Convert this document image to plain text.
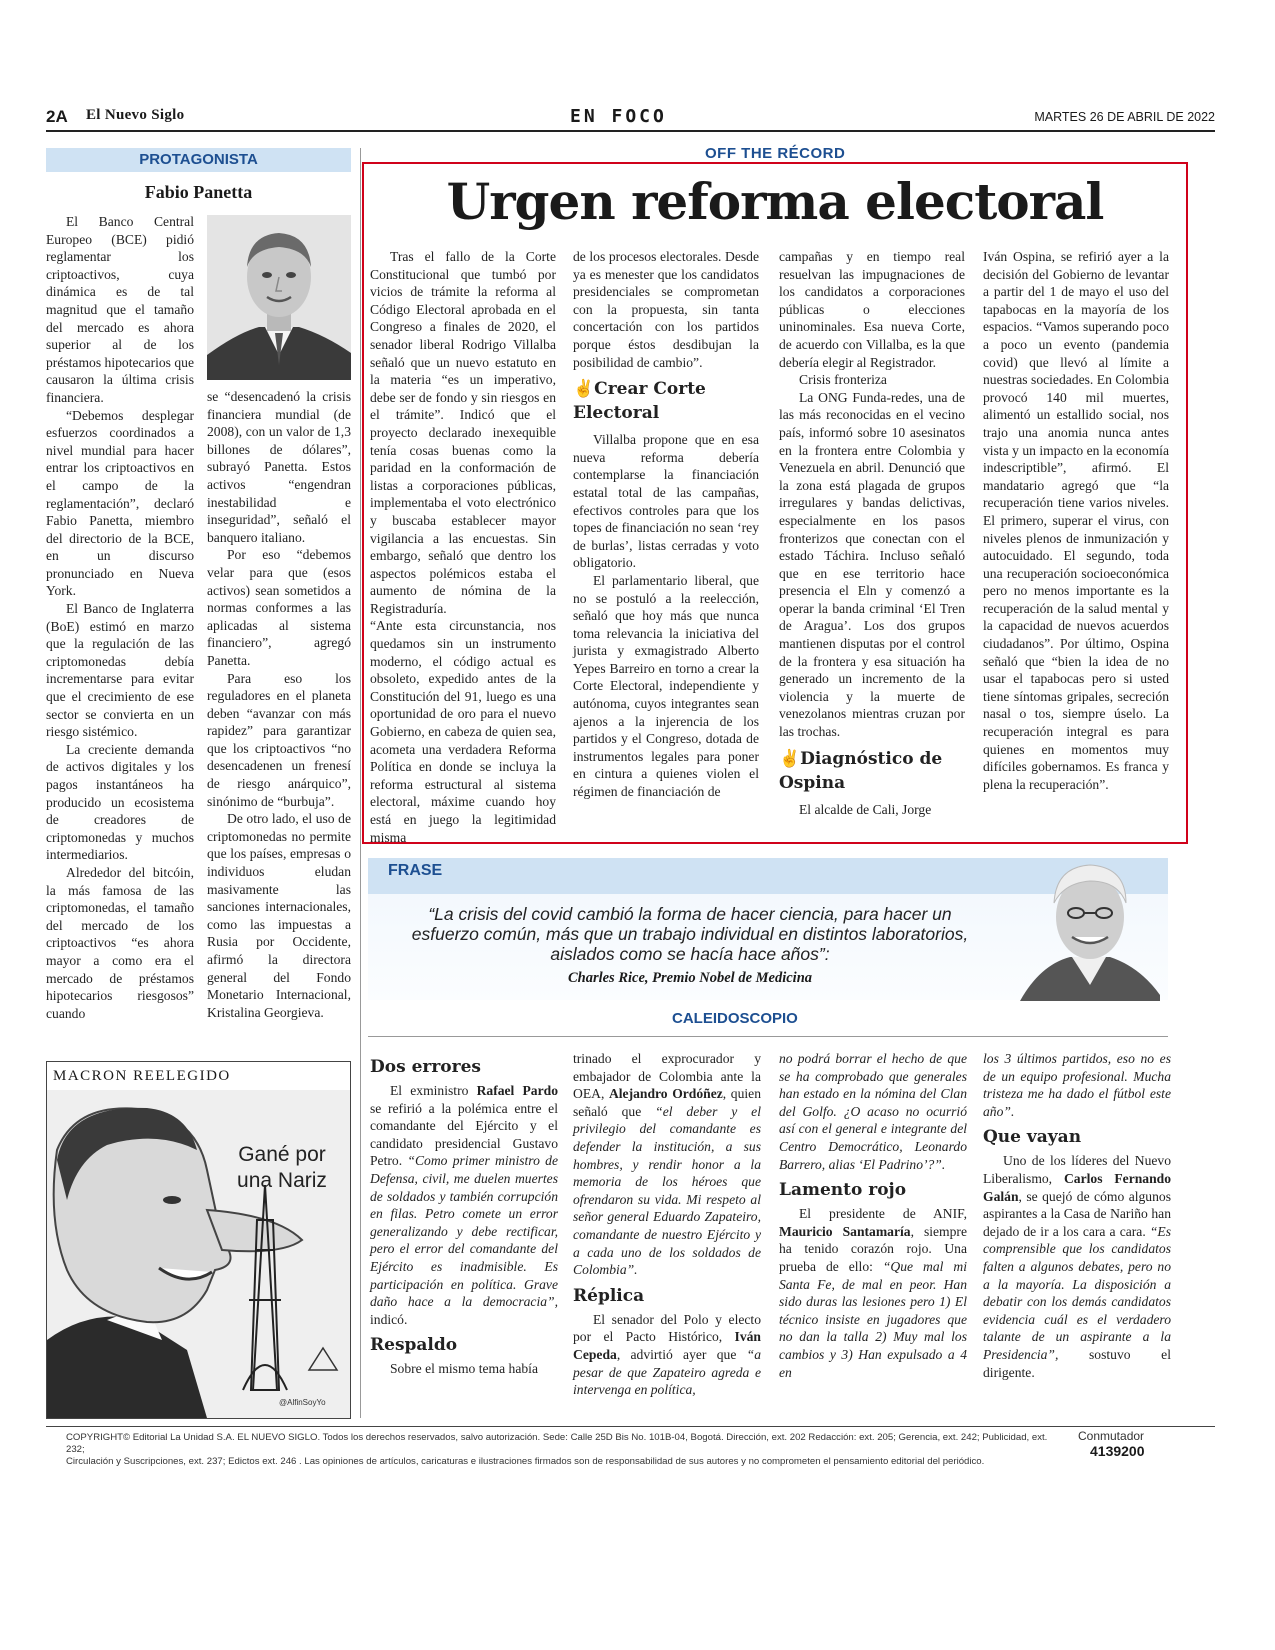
2A El Nuevo Siglo	EN FOCO	MARTES 26 DE ABRIL DE 2022
PROTAGONISTA
Fabio Panetta

El Banco Central Europeo (BCE) pidió reglamentar los criptoactivos, cuya dinámica es de tal magnitud que el tamaño del mercado es ahora superior al de los préstamos hipotecarios que causaron la última crisis financiera.

“Debemos desplegar esfuerzos coordinados a nivel mundial para hacer entrar los criptoactivos en el campo de la reglamentación”, declaró Fabio Panetta, miembro del directorio de la BCE, en un discurso pronunciado en Nueva York.

El Banco de Inglaterra (BoE) estimó en marzo que la regulación de las criptomonedas debía incrementarse para evitar que el crecimiento de ese sector se convierta en un riesgo sistémico.

La creciente demanda de activos digitales y los pagos instantáneos ha producido un ecosistema de creadores de criptomonedas y muchos intermediarios.

Alrededor del bitcóin, la más famosa de las criptomonedas, el tamaño del mercado de los criptoactivos “es ahora mayor a como era el mercado de préstamos hipotecarios riesgosos” cuando

se “desencadenó la crisis financiera mundial (de 2008), con un valor de 1,3 billones de dólares”, subrayó Panetta. Estos activos “engendran inestabilidad e inseguridad”, señaló el banquero italiano.

Por eso “debemos velar para que (esos activos) sean sometidos a normas conformes a las aplicadas al sistema financiero”, agregó Panetta.

Para eso los reguladores en el planeta deben “avanzar con más rapidez” para garantizar que los criptoactivos “no desencadenen un frenesí de riesgo anárquico”, sinónimo de “burbuja”.

De otro lado, el uso de criptomonedas no permite que los países, empresas o individuos eludan masivamente las sanciones internacionales, como las impuestas a Rusia por Occidente, afirmó la directora general del Fondo Monetario Internacional, Kristalina Georgieva.

MACRON REELEGIDO
Gané por una Nariz
@AlfinSoyYo
OFF THE RÉCORD
Urgen reforma electoral

Tras el fallo de la Corte Constitucional que tumbó por vicios de trámite la reforma al Código Electoral aprobada en el Congreso a finales de 2020, el senador liberal Rodrigo Villalba señaló que un nuevo estatuto en la materia “es un imperativo, debe ser de fondo y sin riesgos en el trámite”. Indicó que el proyecto declarado inexequible tenía cosas buenas como la paridad en la conformación de listas a corporaciones públicas, implementaba el voto electrónico y buscaba establecer mayor vigilancia a las encuestas. Sin embargo, señaló que dentro los aspectos polémicos estaba el aumento de nómina de la Registraduría.

“Ante esta circunstancia, nos quedamos sin un instrumento moderno, el código actual es obsoleto, expedido antes de la Constitución del 91, luego es una oportunidad de oro para el nuevo Gobierno, en cabeza de quien sea, acometa una verdadera Reforma Política en donde se incluya la reforma estructural al sistema electoral, máxime cuando hoy está en juego la legitimidad misma

de los procesos electorales. Desde ya es menester que los candidatos presidenciales se comprometan con la propuesta, sin tanta concertación con los partidos porque éstos desdibujan la posibilidad de cambio”.

✌Crear Corte Electoral

Villalba propone que en esa nueva reforma debería contemplarse la financiación estatal total de las campañas, efectivos controles para que los topes de financiación no sean ‘rey de burlas’, listas cerradas y voto obligatorio.

El parlamentario liberal, que no se postuló a la reelección, señaló que hoy más que nunca toma relevancia la iniciativa del jurista y exmagistrado Alberto Yepes Barreiro en torno a crear la Corte Electoral, independiente y autónoma, cuyos integrantes sean ajenos a la injerencia de los partidos y el Congreso, dotada de instrumentos legales para poner en cintura a quienes violen el régimen de financiación de

campañas y en tiempo real resuelvan las impugnaciones de los candidatos a corporaciones públicas o elecciones uninominales. Esa nueva Corte, de acuerdo con Villalba, es la que debería elegir al Registrador.

Crisis fronteriza

La ONG Funda-redes, una de las más reconocidas en el vecino país, informó sobre 10 asesinatos en la frontera entre Colombia y Venezuela en abril. Denunció que la zona está plagada de grupos irregulares y bandas delictivas, especialmente en los pasos fronterizos que conectan con el estado Táchira. Incluso señaló que en ese territorio hace presencia el Eln y comenzó a operar la banda criminal ‘El Tren de Aragua’. Los dos grupos mantienen disputas por el control de la frontera y esa situación ha generado un incremento de la violencia y la muerte de venezolanos mientras cruzan por las trochas.

✌Diagnóstico de Ospina

El alcalde de Cali, Jorge

Iván Ospina, se refirió ayer a la decisión del Gobierno de levantar a partir del 1 de mayo el uso del tapabocas en la mayoría de los espacios. “Vamos superando poco a poco un evento (pandemia covid) que llevó al límite a nuestras sociedades. En Colombia provocó 140 mil muertes, alimentó un estallido social, nos trajo una anomia nunca antes vista y un impacto en la economía indescriptible”, afirmó. El mandatario agregó que “la recuperación tiene varios niveles. El primero, superar el virus, con niveles plenos de inmunización y autocuidado. El segundo, toda una recuperación socioeconómica pero no menos importante es la recuperación de la salud mental y la capacidad de nuevos acuerdos ciudadanos”. Por último, Ospina señaló que “bien la idea de no usar el tapabocas pero si usted tiene síntomas gripales, secreción nasal o tos, siempre úselo. La recuperación integral es para quienes en momentos muy difíciles gobernamos. Es franca y plena la recuperación”.

FRASE
“La crisis del covid cambió la forma de hacer ciencia, para hacer un esfuerzo común, más que un trabajo individual en distintos laboratorios, aislados como se hacía hace años”:
Charles Rice, Premio Nobel de Medicina
CALEIDOSCOPIO
Dos errores

El exministro Rafael Pardo se refirió a la polémica entre el comandante del Ejército y el candidato presidencial Gustavo Petro. “Como primer ministro de Defensa, civil, me duelen muertes de soldados y también corrupción en filas. Petro comete un error generalizando y debe rectificar, pero el error del comandante del Ejército es inadmisible. Es participación en política. Grave daño hace a la democracia”, indicó.

Respaldo

Sobre el mismo tema había

trinado el exprocurador y embajador de Colombia ante la OEA, Alejandro Ordóñez, quien señaló que “el deber y el privilegio del comandante es defender la institución, a sus hombres, y rendir honor a la memoria de los héroes que ofrendaron su vida. Mi respeto al señor general Eduardo Zapateiro, comandante de nuestro Ejército y a cada uno de los soldados de Colombia”.

Réplica

El senador del Polo y electo por el Pacto Histórico, Iván Cepeda, advirtió ayer que “a pesar de que Zapateiro agreda e intervenga en política,

no podrá borrar el hecho de que se ha comprobado que generales han estado en la nómina del Clan del Golfo. ¿O acaso no ocurrió así con el general e integrante del Centro Democrático, Leonardo Barrero, alias ‘El Padrino’?”.

Lamento rojo

El presidente de ANIF, Mauricio Santamaría, siempre ha tenido corazón rojo. Una prueba de ello: “Que mal mi Santa Fe, de mal en peor. Han sido duras las lesiones pero 1) El técnico insiste en jugadores que no dan la talla 2) Muy mal los cambios y 3) Han expulsado a 4 en

los 3 últimos partidos, eso no es de un equipo profesional. Mucha tristeza me ha dado el fútbol este año”.

Que vayan

Uno de los líderes del Nuevo Liberalismo, Carlos Fernando Galán, se quejó de cómo algunos aspirantes a la Casa de Nariño han dejado de ir a los cara a cara. “Es comprensible que los candidatos falten a algunos debates, pero no a la mayoría. La disposición a debatir con los demás candidatos evidencia cuál es el verdadero talante de un aspirante a la Presidencia”, sostuvo el dirigente.

COPYRIGHT© Editorial La Unidad S.A. EL NUEVO SIGLO. Todos los derechos reservados, salvo autorización. Sede: Calle 25D Bis No. 101B-04, Bogotá. Dirección, ext. 202 Redacción: ext. 205; Gerencia, ext. 242; Publicidad, ext. 232;
Circulación y Suscripciones, ext. 237; Edictos ext. 246 . Las opiniones de artículos, caricaturas e ilustraciones firmados son de responsabilidad de sus autores y no comprometen el pensamiento editorial del periódico.
Conmutador
4139200
